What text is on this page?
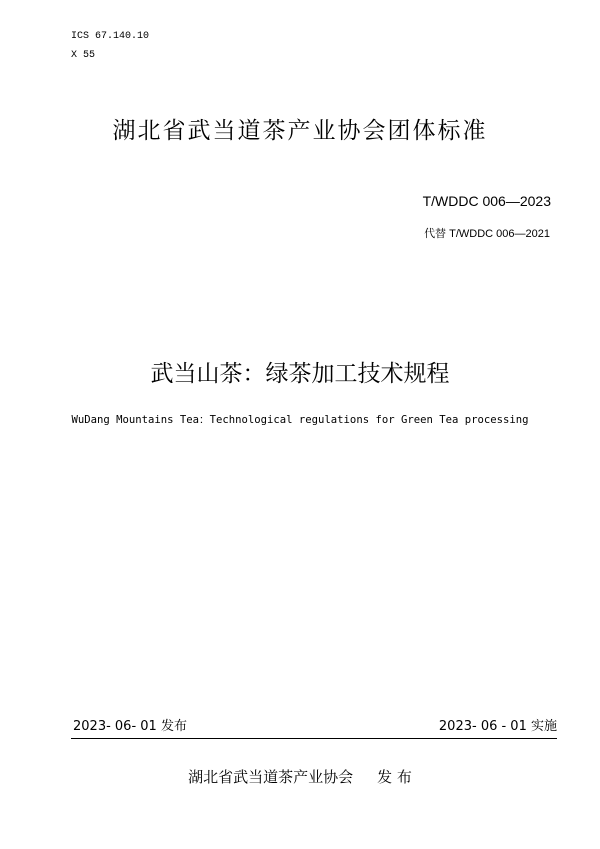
ICS 67.140.10
X 55
湖北省武当道茶产业协会团体标准
T/WDDC 006—2023
代替 T/WDDC 006—2021
武当山茶：绿茶加工技术规程
WuDang Mountains Tea：Technological regulations for Green Tea processing
2023- 06- 01 发布	2023- 06 - 01 实施
湖北省武当道茶产业协会 发 布
